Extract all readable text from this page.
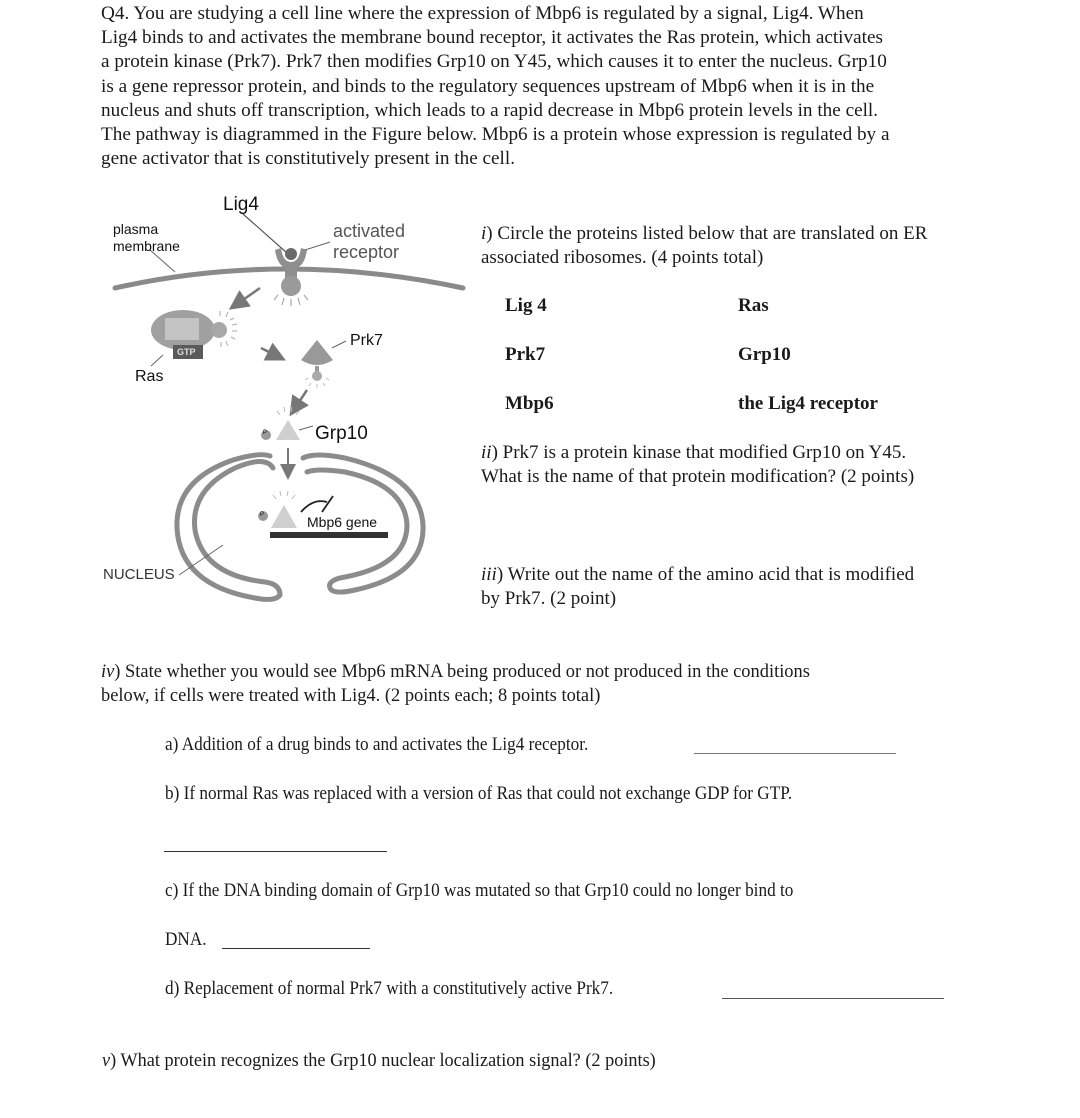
Q4. You are studying a cell line where the expression of Mbp6 is regulated by a signal, Lig4. When

Lig4 binds to and activates the membrane bound receptor, it activates the Ras protein, which activates

a protein kinase (Prk7). Prk7 then modifies Grp10 on Y45, which causes it to enter the nucleus. Grp10

is a gene repressor protein, and binds to the regulatory sequences upstream of Mbp6 when it is in the

nucleus and shuts off transcription, which leads to a rapid decrease in Mbp6 protein levels in the cell.

The pathway is diagrammed in the Figure below. Mbp6 is a protein whose expression is regulated by a

gene activator that is constitutively present in the cell.

Lig4
plasma
membrane
activated
receptor
GTP
Ras
Prk7
Grp10
P
P	Mbp6 gene
NUCLEUS
i) Circle the proteins listed below that are translated on ER
associated ribosomes. (4 points total)
Lig 4	Ras
Prk7	Grp10
Mbp6	the Lig4 receptor
ii) Prk7 is a protein kinase that modified Grp10 on Y45.
What is the name of that protein modification? (2 points)
iii) Write out the name of the amino acid that is modified
by Prk7. (2 point)
iv) State whether you would see Mbp6 mRNA being produced or not produced in the conditions
below, if cells were treated with Lig4. (2 points each; 8 points total)
a) Addition of a drug binds to and activates the Lig4 receptor.
b) If normal Ras was replaced with a version of Ras that could not exchange GDP for GTP.
c) If the DNA binding domain of Grp10 was mutated so that Grp10 could no longer bind to
DNA.
d) Replacement of normal Prk7 with a constitutively active Prk7.
v) What protein recognizes the Grp10 nuclear localization signal? (2 points)
